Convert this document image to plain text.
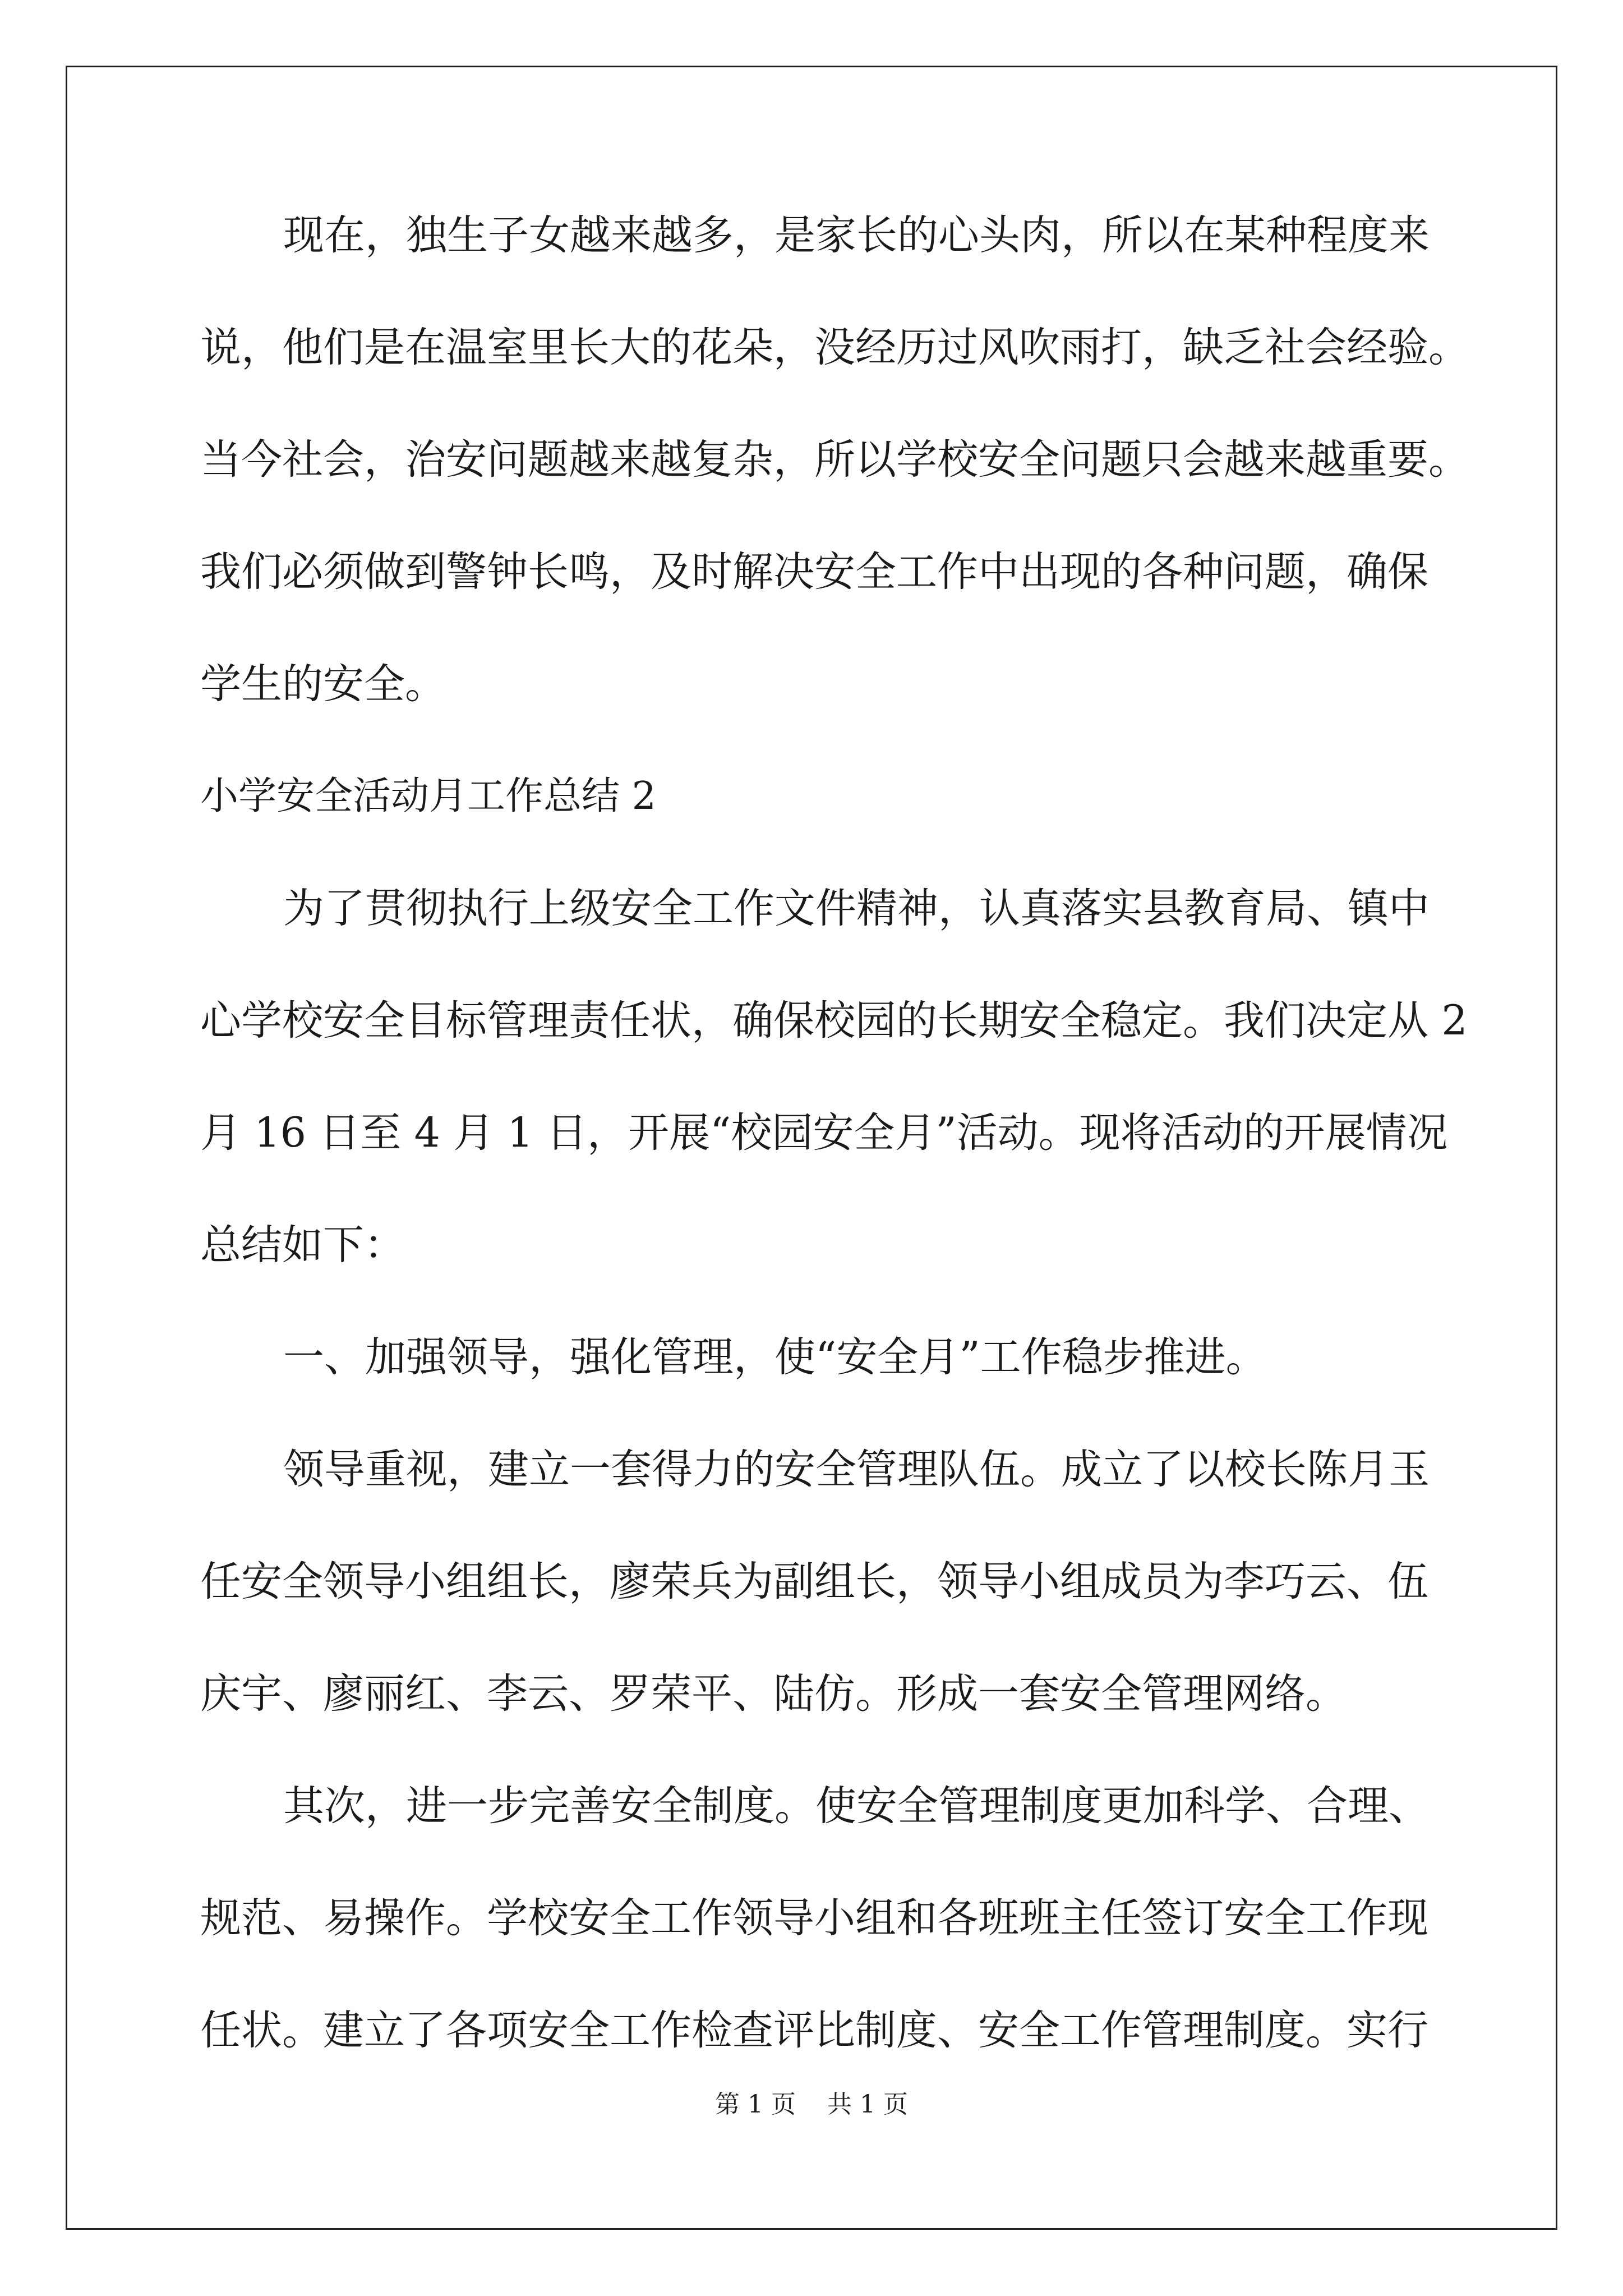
现在，独生子女越来越多，是家长的心头肉，所以在某种程度来
说，他们是在温室里长大的花朵，没经历过风吹雨打，缺乏社会经验。
当今社会，治安问题越来越复杂，所以学校安全问题只会越来越重要。
我们必须做到警钟长鸣，及时解决安全工作中出现的各种问题，确保
学生的安全。
小学安全活动月工作总结 2
为了贯彻执行上级安全工作文件精神，认真落实县教育局、镇中
心学校安全目标管理责任状，确保校园的长期安全稳定。我们决定从 2
月 16 日至 4 月 1 日，开展“校园安全月”活动。现将活动的开展情况
总结如下：
一、加强领导，强化管理，使“安全月”工作稳步推进。
领导重视，建立一套得力的安全管理队伍。成立了以校长陈月玉
任安全领导小组组长，廖荣兵为副组长，领导小组成员为李巧云、伍
庆宇、廖丽红、李云、罗荣平、陆仿。形成一套安全管理网络。
其次，进一步完善安全制度。使安全管理制度更加科学、合理、
规范、易操作。学校安全工作领导小组和各班班主任签订安全工作现
任状。建立了各项安全工作检查评比制度、安全工作管理制度。实行
第 1 页 共 1 页
